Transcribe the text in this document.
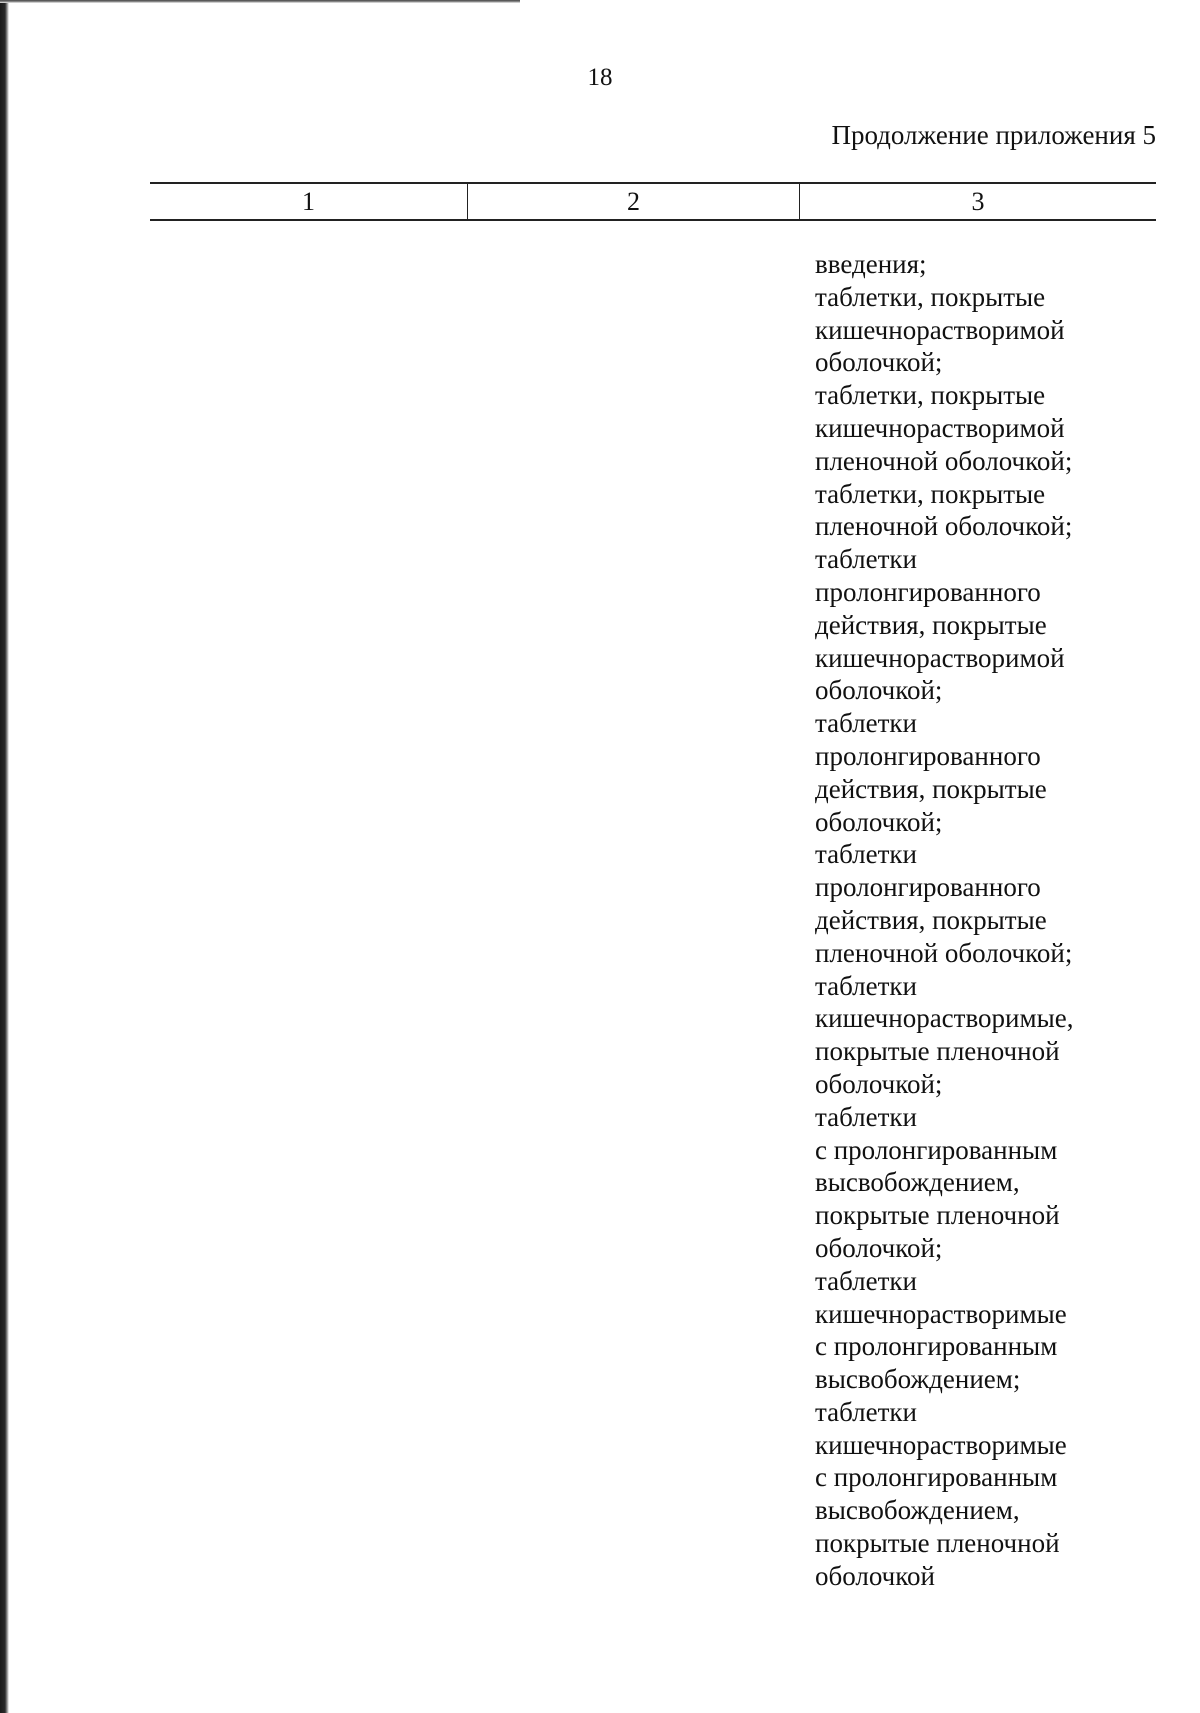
18
Продолжение приложения 5
1	2	3
введения;
таблетки, покрытые
кишечнорастворимой
оболочкой;
таблетки, покрытые
кишечнорастворимой
пленочной оболочкой;
таблетки, покрытые
пленочной оболочкой;
таблетки
пролонгированного
действия, покрытые
кишечнорастворимой
оболочкой;
таблетки
пролонгированного
действия, покрытые
оболочкой;
таблетки
пролонгированного
действия, покрытые
пленочной оболочкой;
таблетки
кишечнорастворимые,
покрытые пленочной
оболочкой;
таблетки
с пролонгированным
высвобождением,
покрытые пленочной
оболочкой;
таблетки
кишечнорастворимые
с пролонгированным
высвобождением;
таблетки
кишечнорастворимые
с пролонгированным
высвобождением,
покрытые пленочной
оболочкой
